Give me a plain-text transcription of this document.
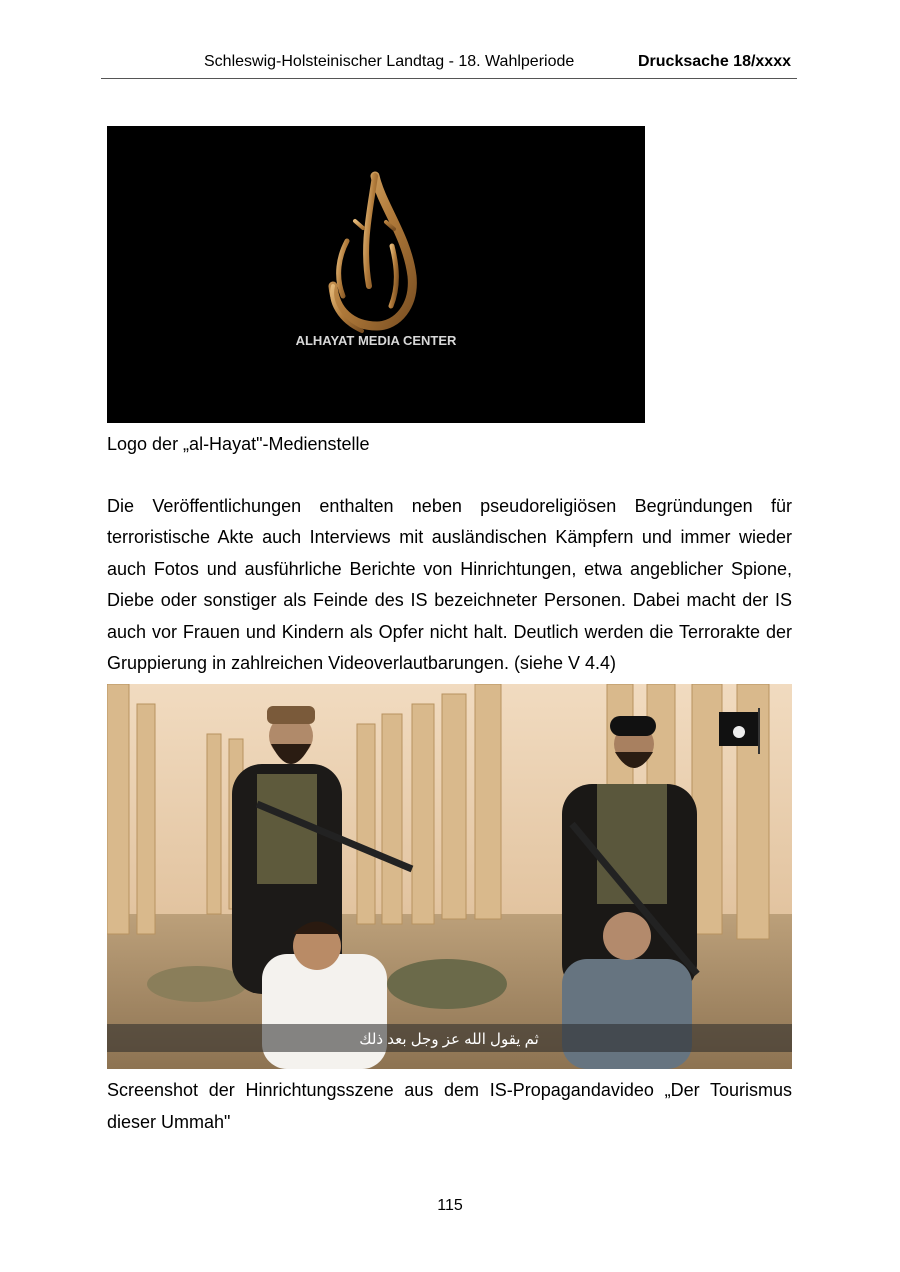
Schleswig-Holsteinischer Landtag - 18. Wahlperiode	Drucksache 18/xxxx
ALHAYAT MEDIA CENTER
Logo der „al-Hayat"-Medienstelle
Die Veröffentlichungen enthalten neben pseudoreligiösen Begründungen für terroristische Akte auch Interviews mit ausländischen Kämpfern und immer wieder auch Fotos und ausführliche Berichte von Hinrichtungen, etwa angeblicher Spione, Diebe oder sonstiger als Feinde des IS bezeichneter Personen. Dabei macht der IS auch vor Frauen und Kindern als Opfer nicht halt. Deutlich werden die Terrorakte der Gruppierung in zahlreichen Videoverlautbarungen. (siehe V 4.4)
ثم يقول الله عز وجل بعد ذلك
Screenshot der Hinrichtungsszene aus dem IS-Propagandavideo „Der Tourismus
dieser Ummah"
115
